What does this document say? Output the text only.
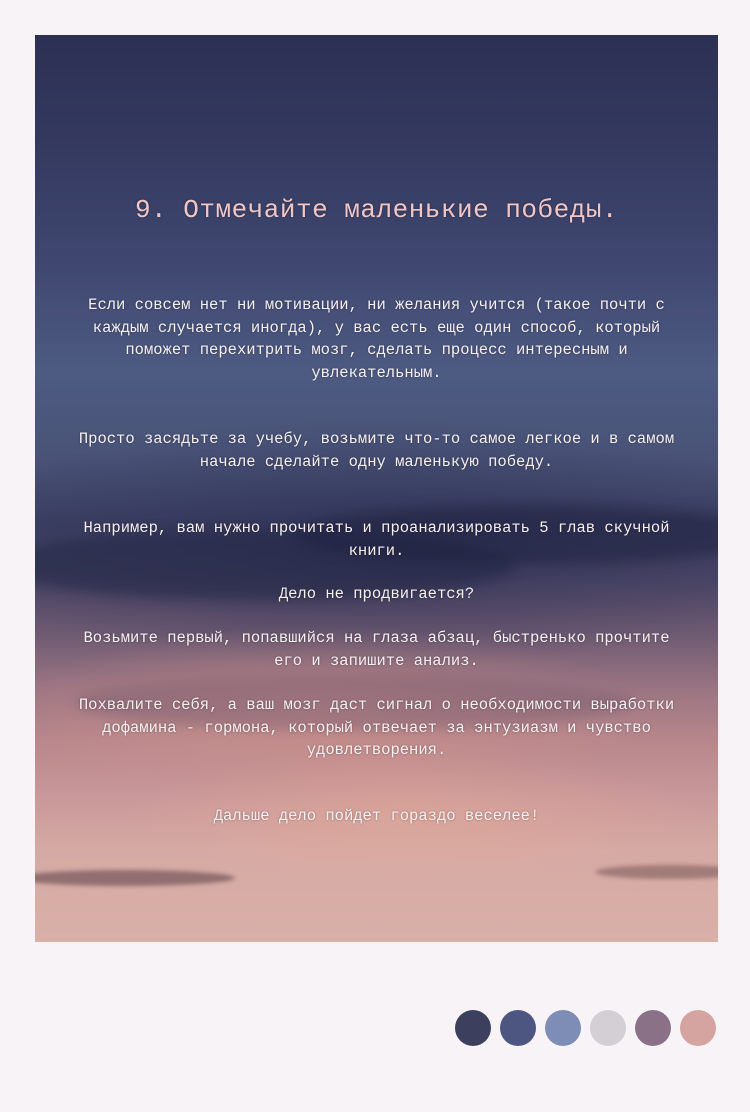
9. Отмечайте маленькие победы.
Если совсем нет ни мотивации, ни желания учится (такое почти с каждым случается иногда), у вас есть еще один способ, который поможет перехитрить мозг, сделать процесс интересным и увлекательным.
Просто засядьте за учебу, возьмите что-то самое легкое и в самом начале сделайте одну маленькую победу.
Например, вам нужно прочитать и проанализировать 5 глав скучной книги.
Дело не продвигается?
Возьмите первый, попавшийся на глаза абзац, быстренько прочтите его и запишите анализ.
Похвалите себя, а ваш мозг даст сигнал о необходимости выработки дофамина - гормона, который отвечает за энтузиазм и чувство удовлетворения.
Дальше дело пойдет гораздо веселее!
